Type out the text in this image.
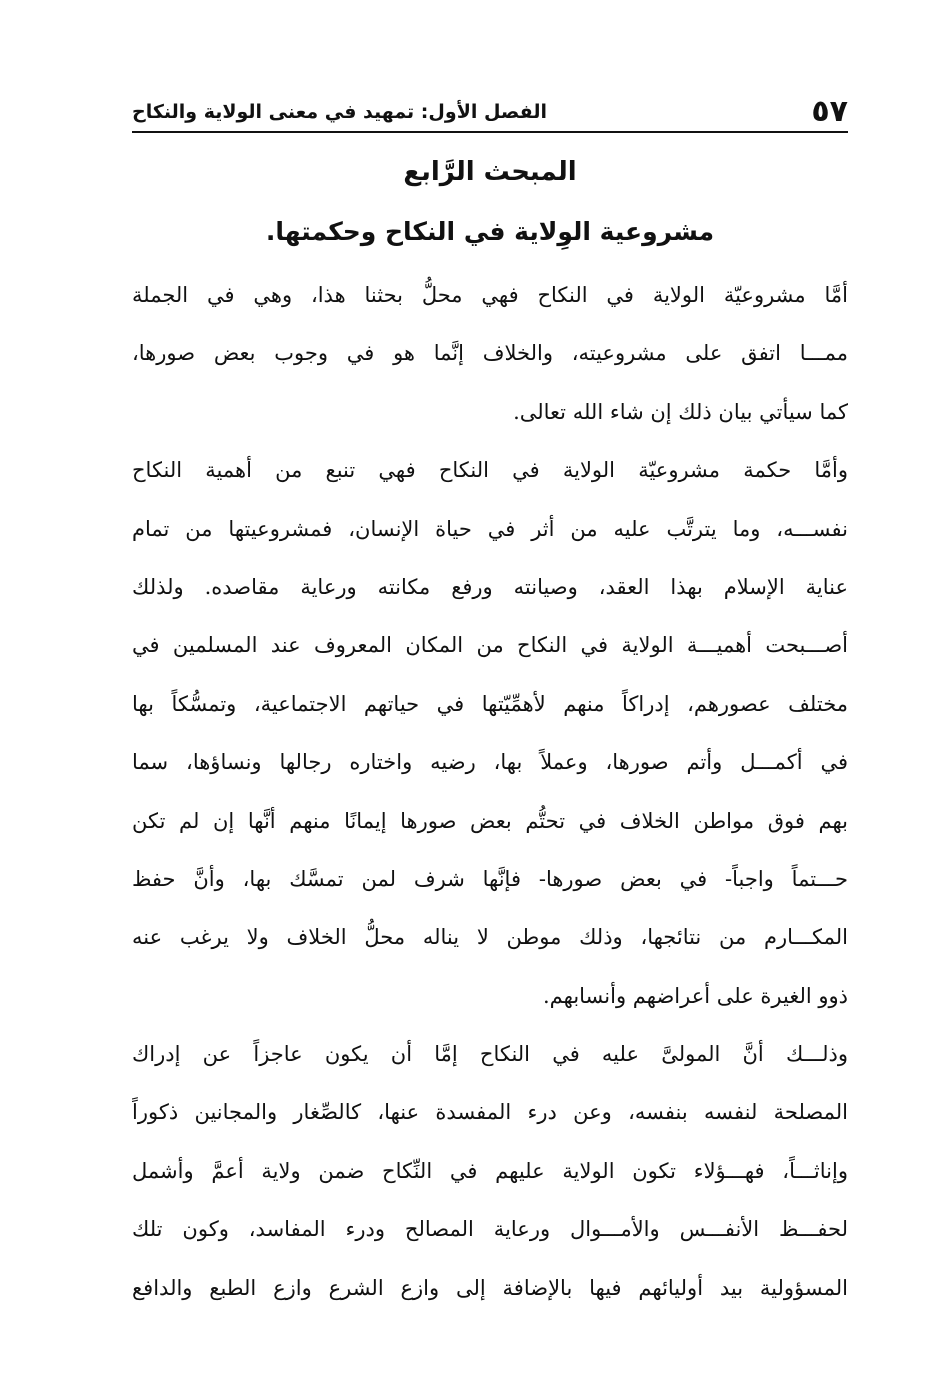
٥٧
الفصل الأول: تمهيد في معنى الولاية والنكاح
المبحث الرَّابع
مشروعية الوِلاية في النكاح وحكمتها.
أمَّا مشروعيّة الولاية في النكاح فهي محلُّ بحثنا هذا، وهي في الجملة
ممـــا اتفق على مشروعيته، والخلاف إنَّما هو في وجوب بعض صورها،
كما سيأتي بيان ذلك إن شاء الله تعالى.
وأمَّا حكمة مشروعيّة الولاية في النكاح فهي تنبع من أهمية النكاح
نفســـه، وما يترتَّب عليه من أثر في حياة الإنسان، فمشروعيتها من تمام
عناية الإسلام بهذا العقد، وصيانته ورفع مكانته ورعاية مقاصده. ولذلك
أصـــبحت أهميـــة الولاية في النكاح من المكان المعروف عند المسلمين في
مختلف عصورهم، إدراكاً منهم لأهمِّيّتها في حياتهم الاجتماعية، وتمسُّكاً بها
في أكمـــل وأتم صورها، وعملاً بها، رضيه واختاره رجالها ونساؤها، سما
بهم فوق مواطن الخلاف في تحتُّم بعض صورها إيمانًا منهم أنَّها إن لم تكن
حـــتماً واجباً- في بعض صورها- فإنَّها شرف لمن تمسَّك بها، وأنَّ حفظ
المكـــارم من نتائجها، وذلك موطن لا يناله محلُّ الخلاف ولا يرغب عنه
ذوو الغيرة على أعراضهم وأنسابهم.
وذلـــك أنَّ المولىَّ عليه في النكاح إمَّا أن يكون عاجزاً عن إدراك
المصلحة لنفسه بنفسه، وعن درء المفسدة عنها، كالصِّغار والمجانين ذكوراً
وإناثـــاً، فهـــؤلاء تكون الولاية عليهم في النِّكاح ضمن ولاية أعمَّ وأشمل
لحفـــظ الأنفـــس والأمـــوال ورعاية المصالح ودرء المفاسد، وكون تلك
المسؤولية بيد أوليائهم فيها بالإضافة إلى وازع الشرع وازع الطبع والدافع
